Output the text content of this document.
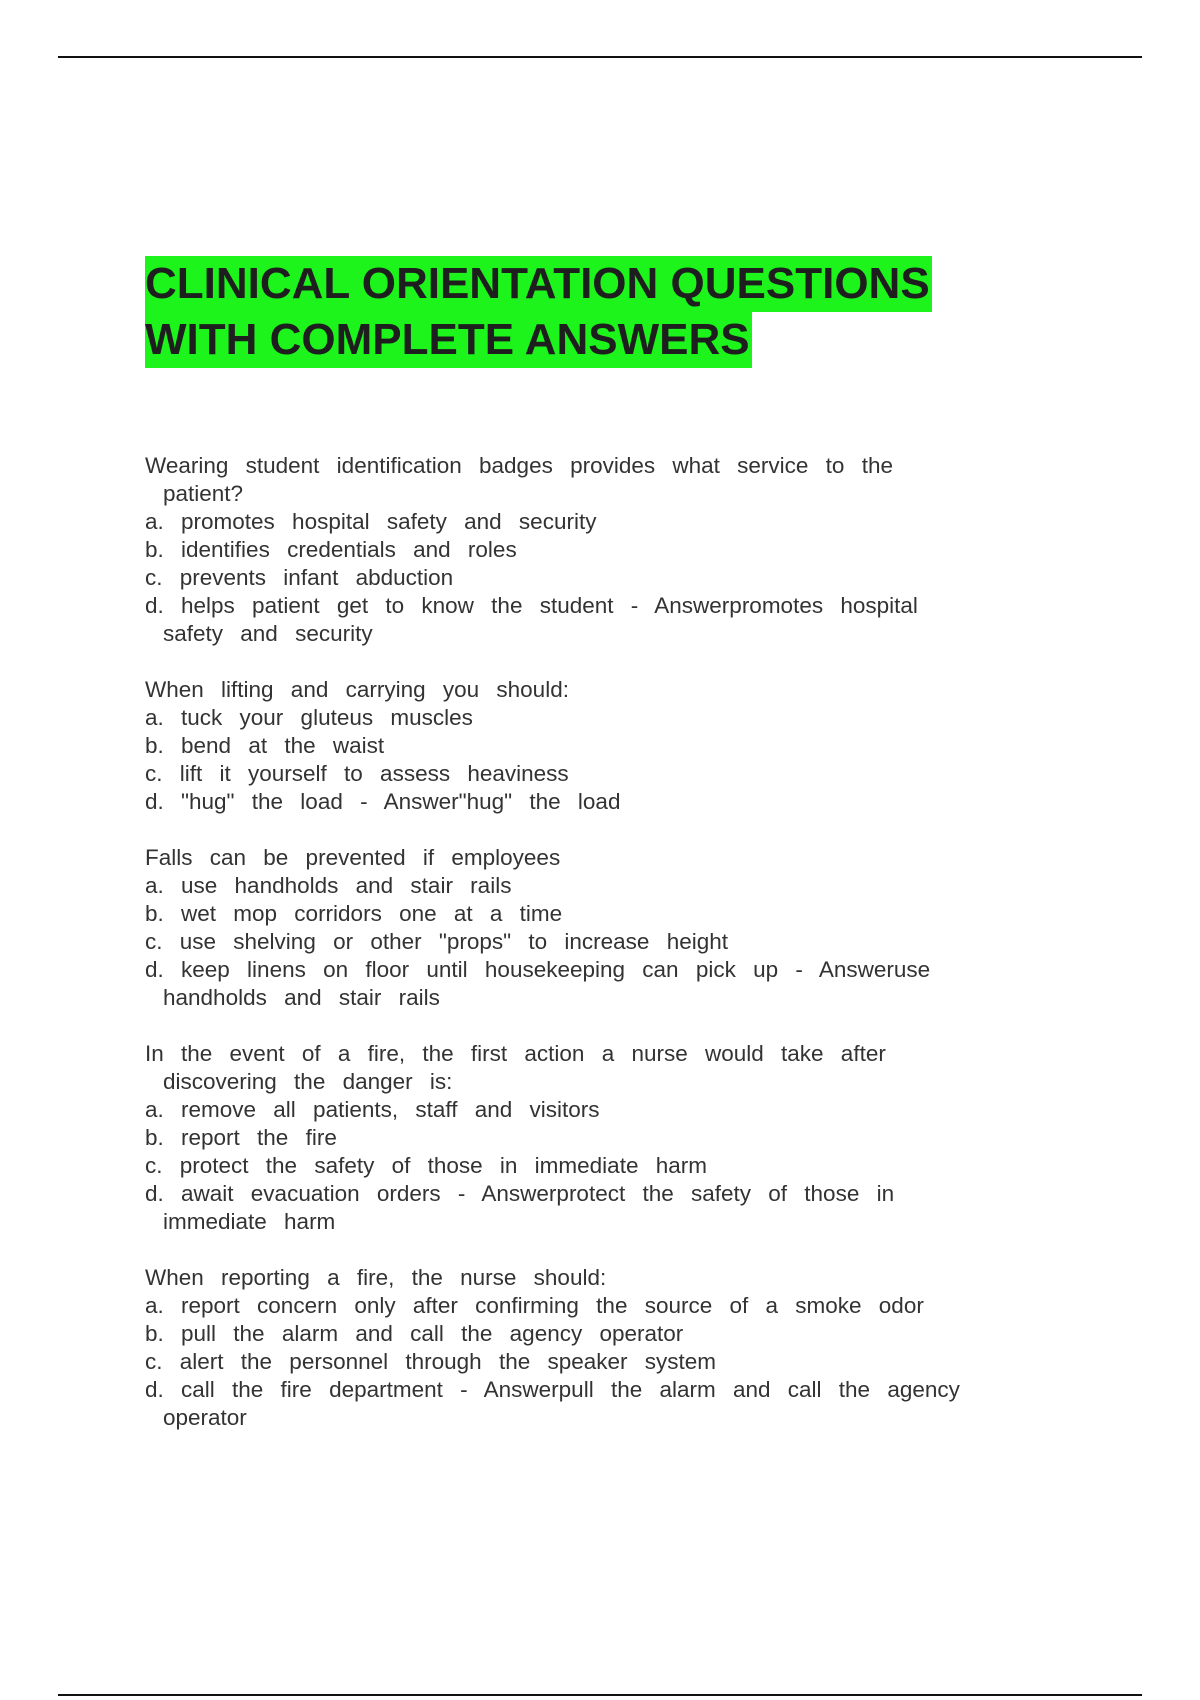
CLINICAL ORIENTATION QUESTIONS
WITH COMPLETE ANSWERS
Wearing student identification badges provides what service to the
patient?
a. promotes hospital safety and security
b. identifies credentials and roles
c. prevents infant abduction
d. helps patient get to know the student - Answerpromotes hospital
safety and security
When lifting and carrying you should:
a. tuck your gluteus muscles
b. bend at the waist
c. lift it yourself to assess heaviness
d. "hug" the load - Answer"hug" the load
Falls can be prevented if employees
a. use handholds and stair rails
b. wet mop corridors one at a time
c. use shelving or other "props" to increase height
d. keep linens on floor until housekeeping can pick up - Answeruse
handholds and stair rails
In the event of a fire, the first action a nurse would take after
discovering the danger is:
a. remove all patients, staff and visitors
b. report the fire
c. protect the safety of those in immediate harm
d. await evacuation orders - Answerprotect the safety of those in
immediate harm
When reporting a fire, the nurse should:
a. report concern only after confirming the source of a smoke odor
b. pull the alarm and call the agency operator
c. alert the personnel through the speaker system
d. call the fire department - Answerpull the alarm and call the agency
operator
